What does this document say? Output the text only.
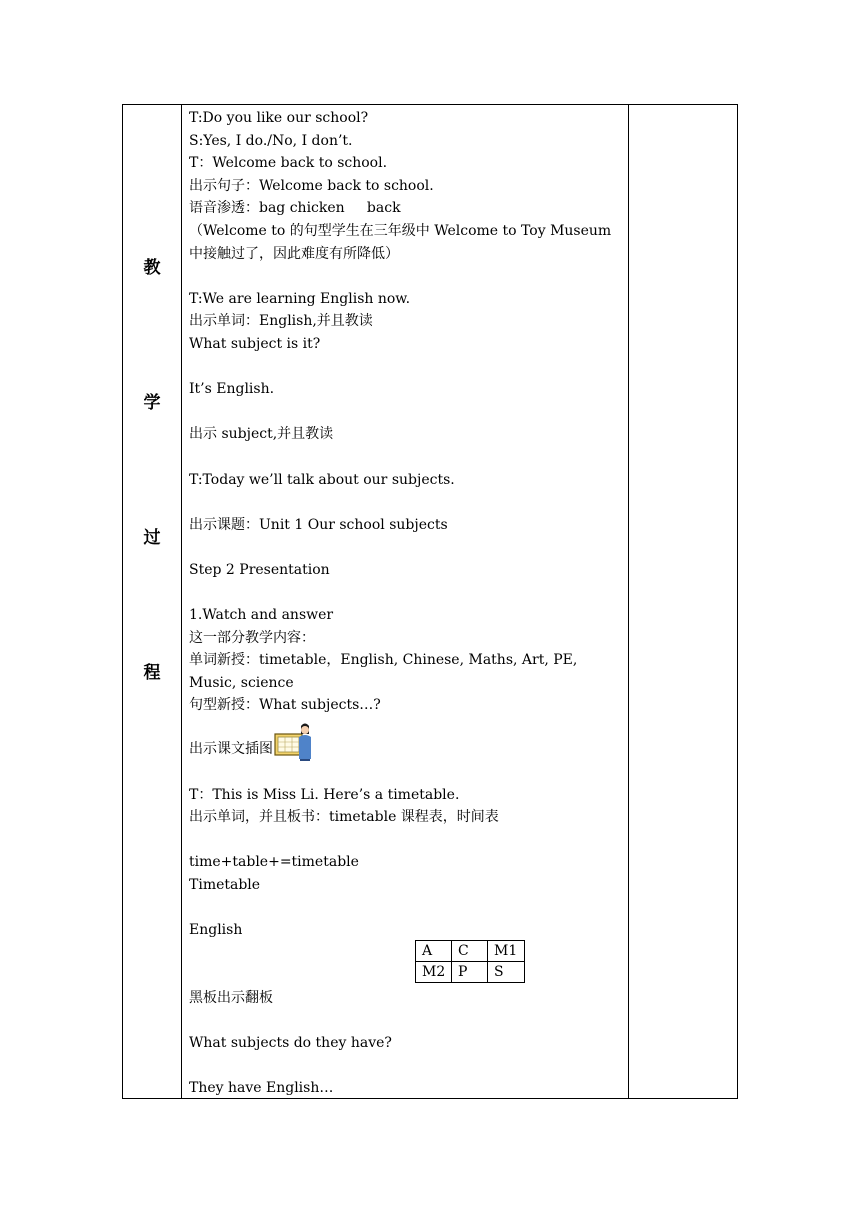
教
学
过
程
T:Do you like our school?
S:Yes, I do./No, I don’t.
T：Welcome back to school.
出示句子：Welcome back to school.
语音渗透：bag chicken     back
（Welcome to 的句型学生在三年级中 Welcome to Toy Museum 中接触过了，因此难度有所降低）
T:We are learning English now.
出示单词：English,并且教读
What subject is it?
It’s English.
出示 subject,并且教读
T:Today we’ll talk about our subjects.
出示课题：Unit 1 Our school subjects
Step 2 Presentation
1.Watch and answer
这一部分教学内容：
单词新授：timetable，English, Chinese, Maths, Art, PE, Music, science
句型新授：What subjects…?
出示课文插图
T：This is Miss Li. Here’s a timetable.
出示单词，并且板书：timetable 课程表，时间表
time+table+=timetable
Timetable
English

A	C	M1
M2	P	S

黑板出示翻板
What subjects do they have?
They have English…
